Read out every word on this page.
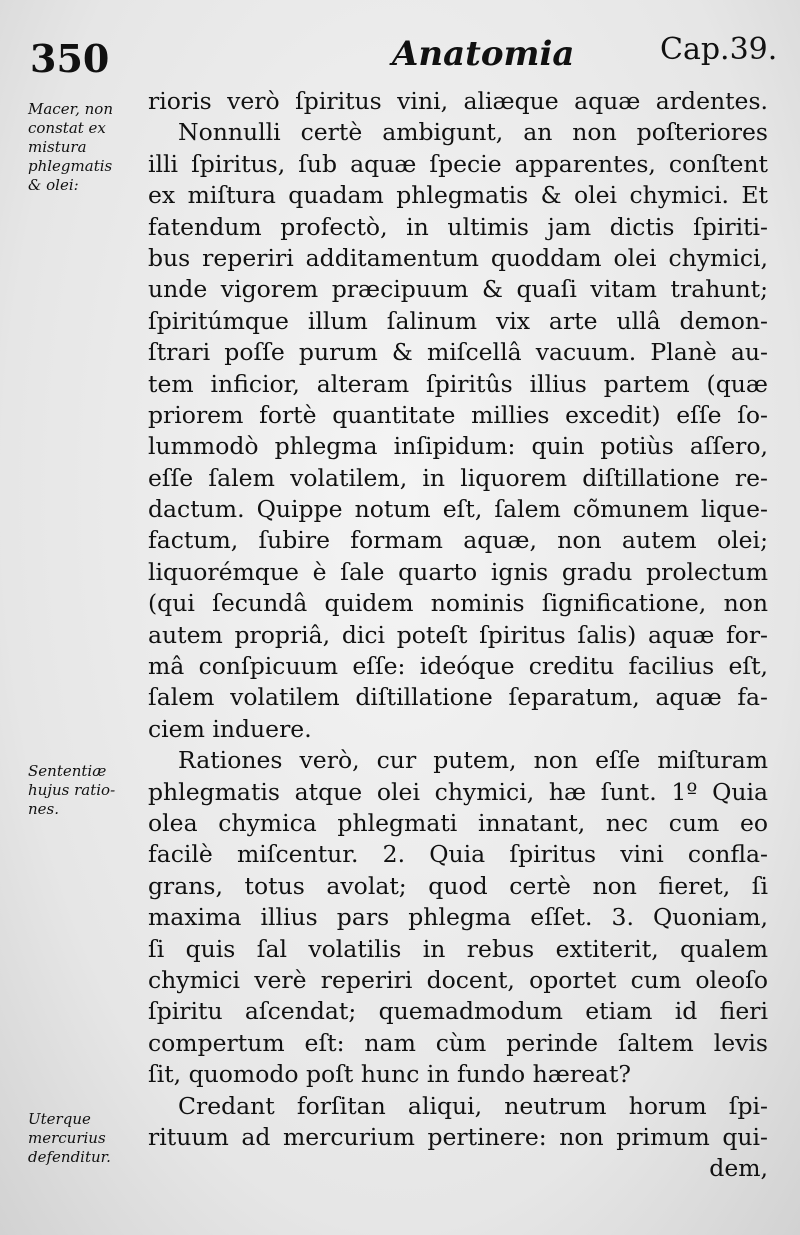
350	Anatomia	Cap.39.
Macer, non
constat ex
mistura
phlegmatis
& olei:
Sententiæ
hujus ratio-
nes.
Uterque
mercurius
defenditur.
rioris verò ſpiritus vini, aliæque aquæ ardentes.
Nonnulli certè ambigunt, an non poſteriores
illi ſpiritus, ſub aquæ ſpecie apparentes, conſtent
ex miſtura quadam phlegmatis & olei chymici. Et
fatendum profectò, in ultimis jam dictis ſpiriti-
bus reperiri additamentum quoddam olei chymici,
unde vigorem præcipuum & quaſi vitam trahunt;
ſpiritúmque illum ſalinum vix arte ullâ demon-
ſtrari poſſe purum & miſcellâ vacuum. Planè au-
tem inficior, alteram ſpiritûs illius partem (quæ
priorem fortè quantitate millies excedit) eſſe ſo-
lummodò phlegma inſipidum: quin potiùs aſſero,
eſſe ſalem volatilem, in liquorem diſtillatione re-
dactum. Quippe notum eſt, ſalem cõmunem lique-
factum, ſubire formam aquæ, non autem olei;
liquorémque è ſale quarto ignis gradu prolectum
(qui ſecundâ quidem nominis ſignificatione, non
autem propriâ, dici poteſt ſpiritus ſalis) aquæ for-
mâ conſpicuum eſſe: ideóque creditu facilius eſt,
ſalem volatilem diſtillatione ſeparatum, aquæ fa-
ciem induere.
Rationes verò, cur putem, non eſſe miſturam
phlegmatis atque olei chymici, hæ ſunt. 1º Quia
olea chymica phlegmati innatant, nec cum eo
facilè miſcentur. 2. Quia ſpiritus vini confla-
grans, totus avolat; quod certè non fieret, ſi
maxima illius pars phlegma eſſet. 3. Quoniam,
ſi quis ſal volatilis in rebus extiterit, qualem
chymici verè reperiri docent, oportet cum oleoſo
ſpiritu aſcendat; quemadmodum etiam id fieri
compertum eſt: nam cùm perinde ſaltem levis
ſit, quomodo poſt hunc in fundo hæreat?
Credant forſitan aliqui, neutrum horum ſpi-
rituum ad mercurium pertinere: non primum qui-
dem,
